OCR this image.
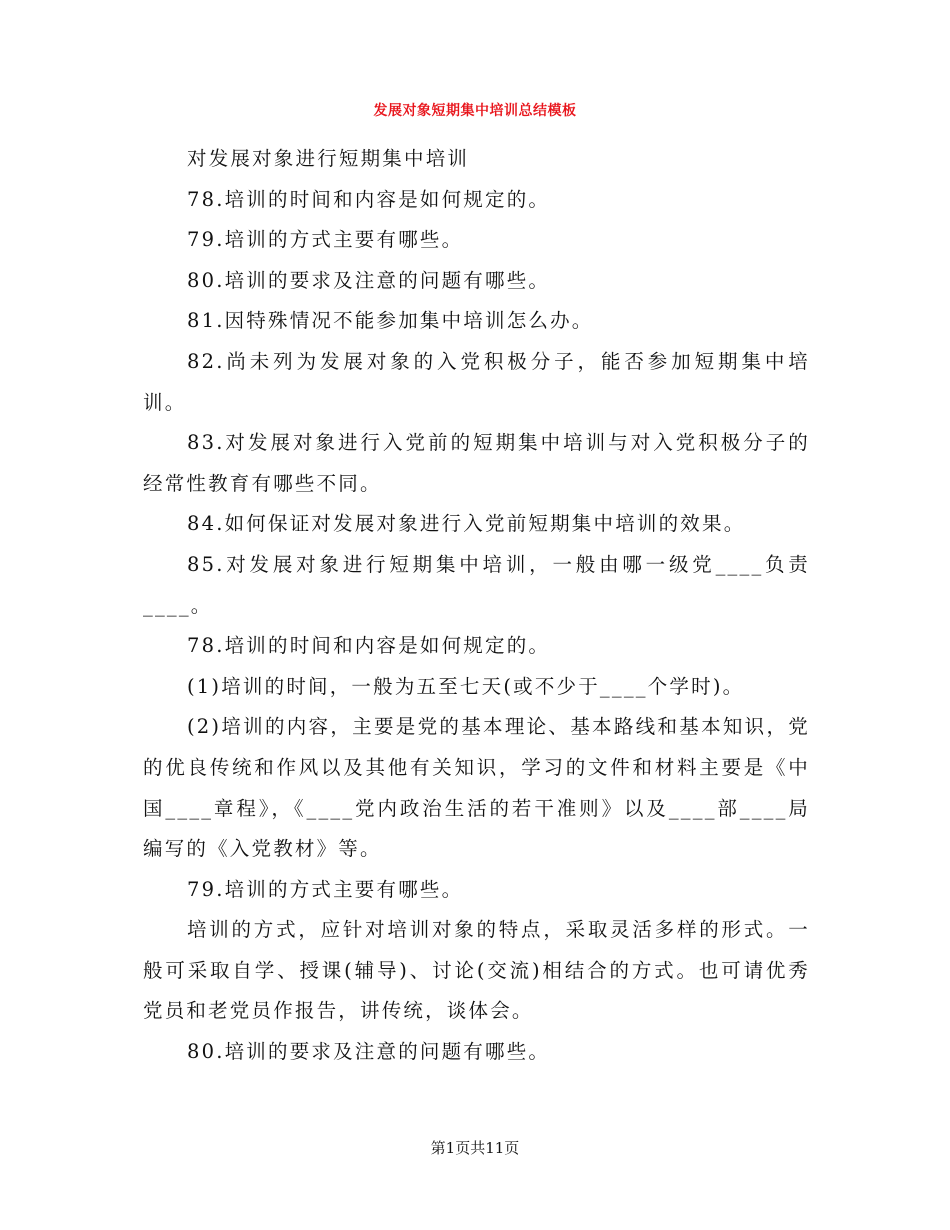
发展对象短期集中培训总结模板

对发展对象进行短期集中培训

78.培训的时间和内容是如何规定的。

79.培训的方式主要有哪些。

80.培训的要求及注意的问题有哪些。

81.因特殊情况不能参加集中培训怎么办。

82.尚未列为发展对象的入党积极分子，能否参加短期集中培训。

83.对发展对象进行入党前的短期集中培训与对入党积极分子的经常性教育有哪些不同。

84.如何保证对发展对象进行入党前短期集中培训的效果。

85.对发展对象进行短期集中培训，一般由哪一级党____负责____。

78.培训的时间和内容是如何规定的。

(1)培训的时间，一般为五至七天(或不少于____个学时)。

(2)培训的内容，主要是党的基本理论、基本路线和基本知识，党的优良传统和作风以及其他有关知识，学习的文件和材料主要是《中国____章程》，《____党内政治生活的若干准则》以及____部____局编写的《入党教材》等。

79.培训的方式主要有哪些。

培训的方式，应针对培训对象的特点，采取灵活多样的形式。一般可采取自学、授课(辅导)、讨论(交流)相结合的方式。也可请优秀党员和老党员作报告，讲传统，谈体会。

80.培训的要求及注意的问题有哪些。

第1页共11页
